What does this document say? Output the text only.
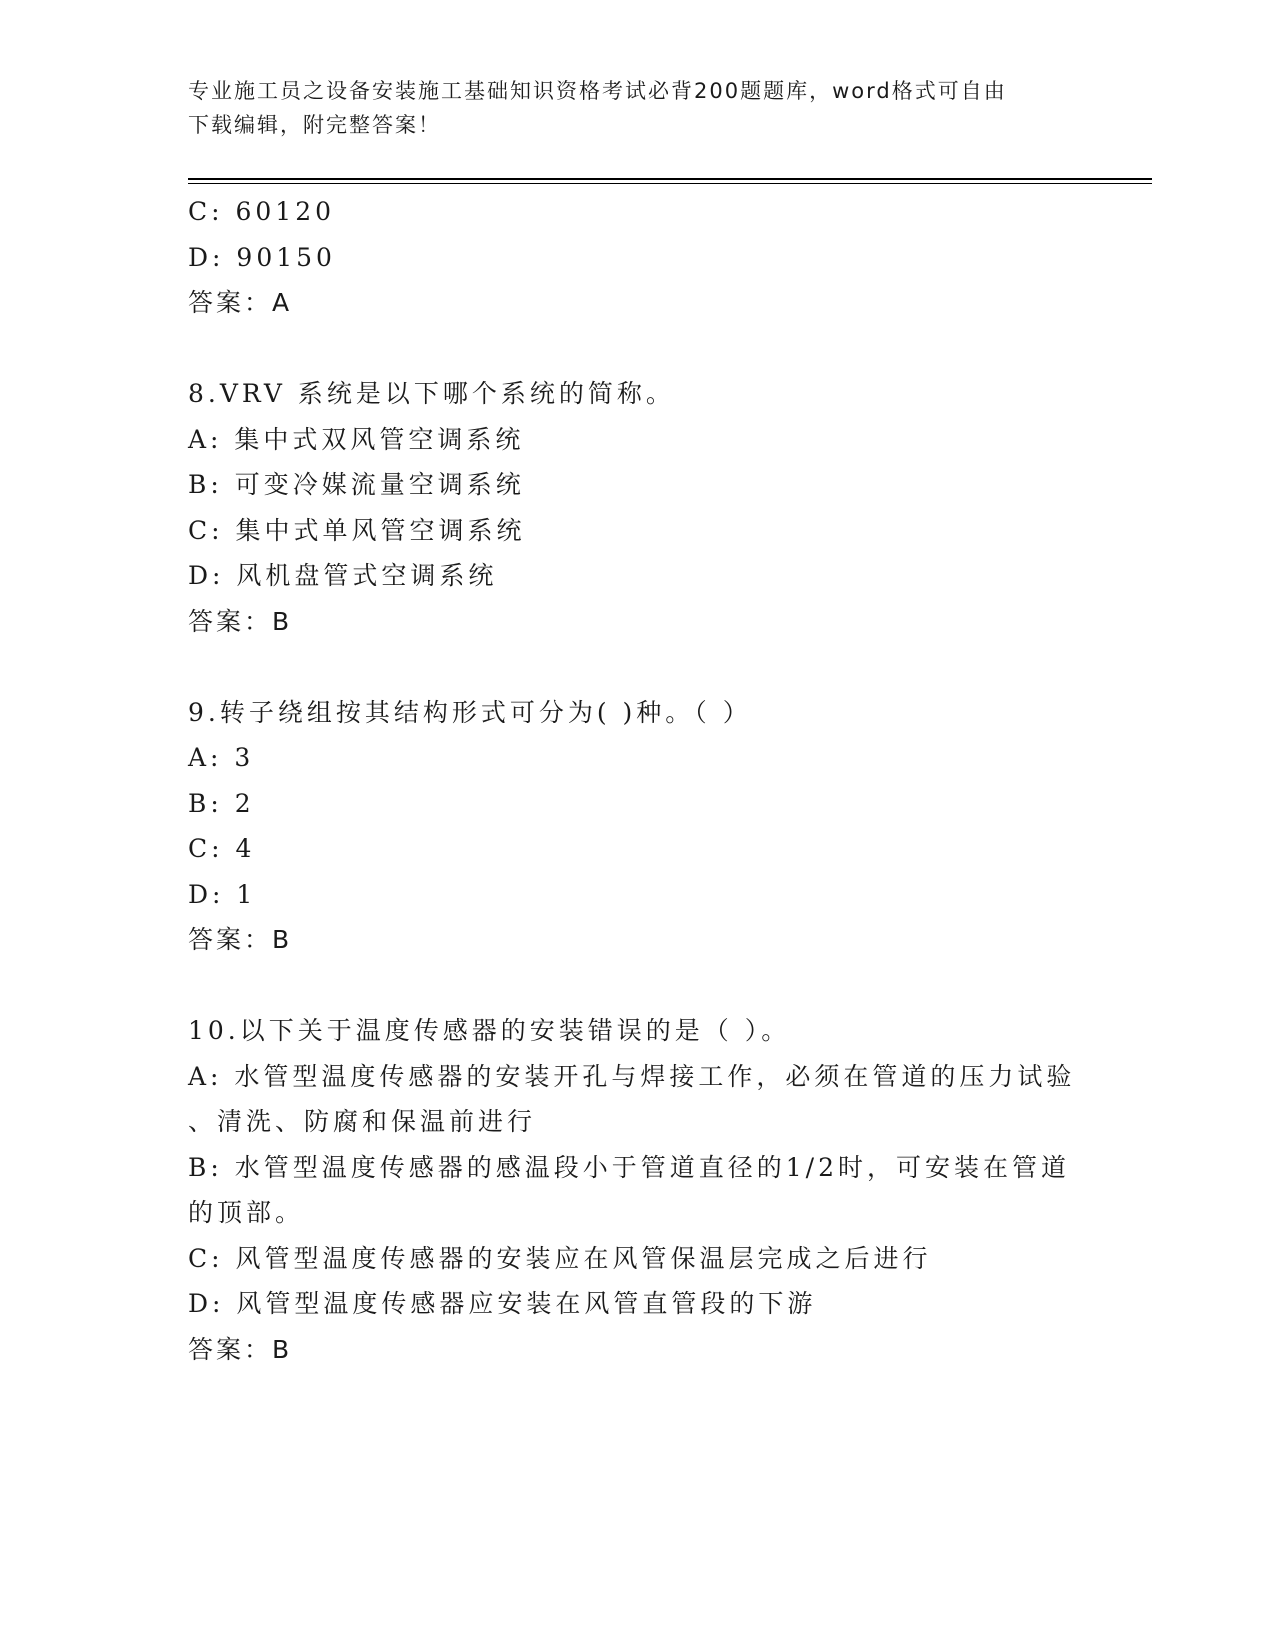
专业施工员之设备安装施工基础知识资格考试必背200题题库，word格式可自由
下载编辑，附完整答案！
C: 60120
D: 90150
答案：A
8.VRV 系统是以下哪个系统的简称。
A: 集中式双风管空调系统
B: 可变冷媒流量空调系统
C: 集中式单风管空调系统
D: 风机盘管式空调系统
答案：B
9.转子绕组按其结构形式可分为( )种。（ ）
A: 3
B: 2
C: 4
D: 1
答案：B
10.以下关于温度传感器的安装错误的是（ ）。
A: 水管型温度传感器的安装开孔与焊接工作，必须在管道的压力试验
、清洗、防腐和保温前进行
B: 水管型温度传感器的感温段小于管道直径的1/2时，可安装在管道
的顶部。
C: 风管型温度传感器的安装应在风管保温层完成之后进行
D: 风管型温度传感器应安装在风管直管段的下游
答案：B
